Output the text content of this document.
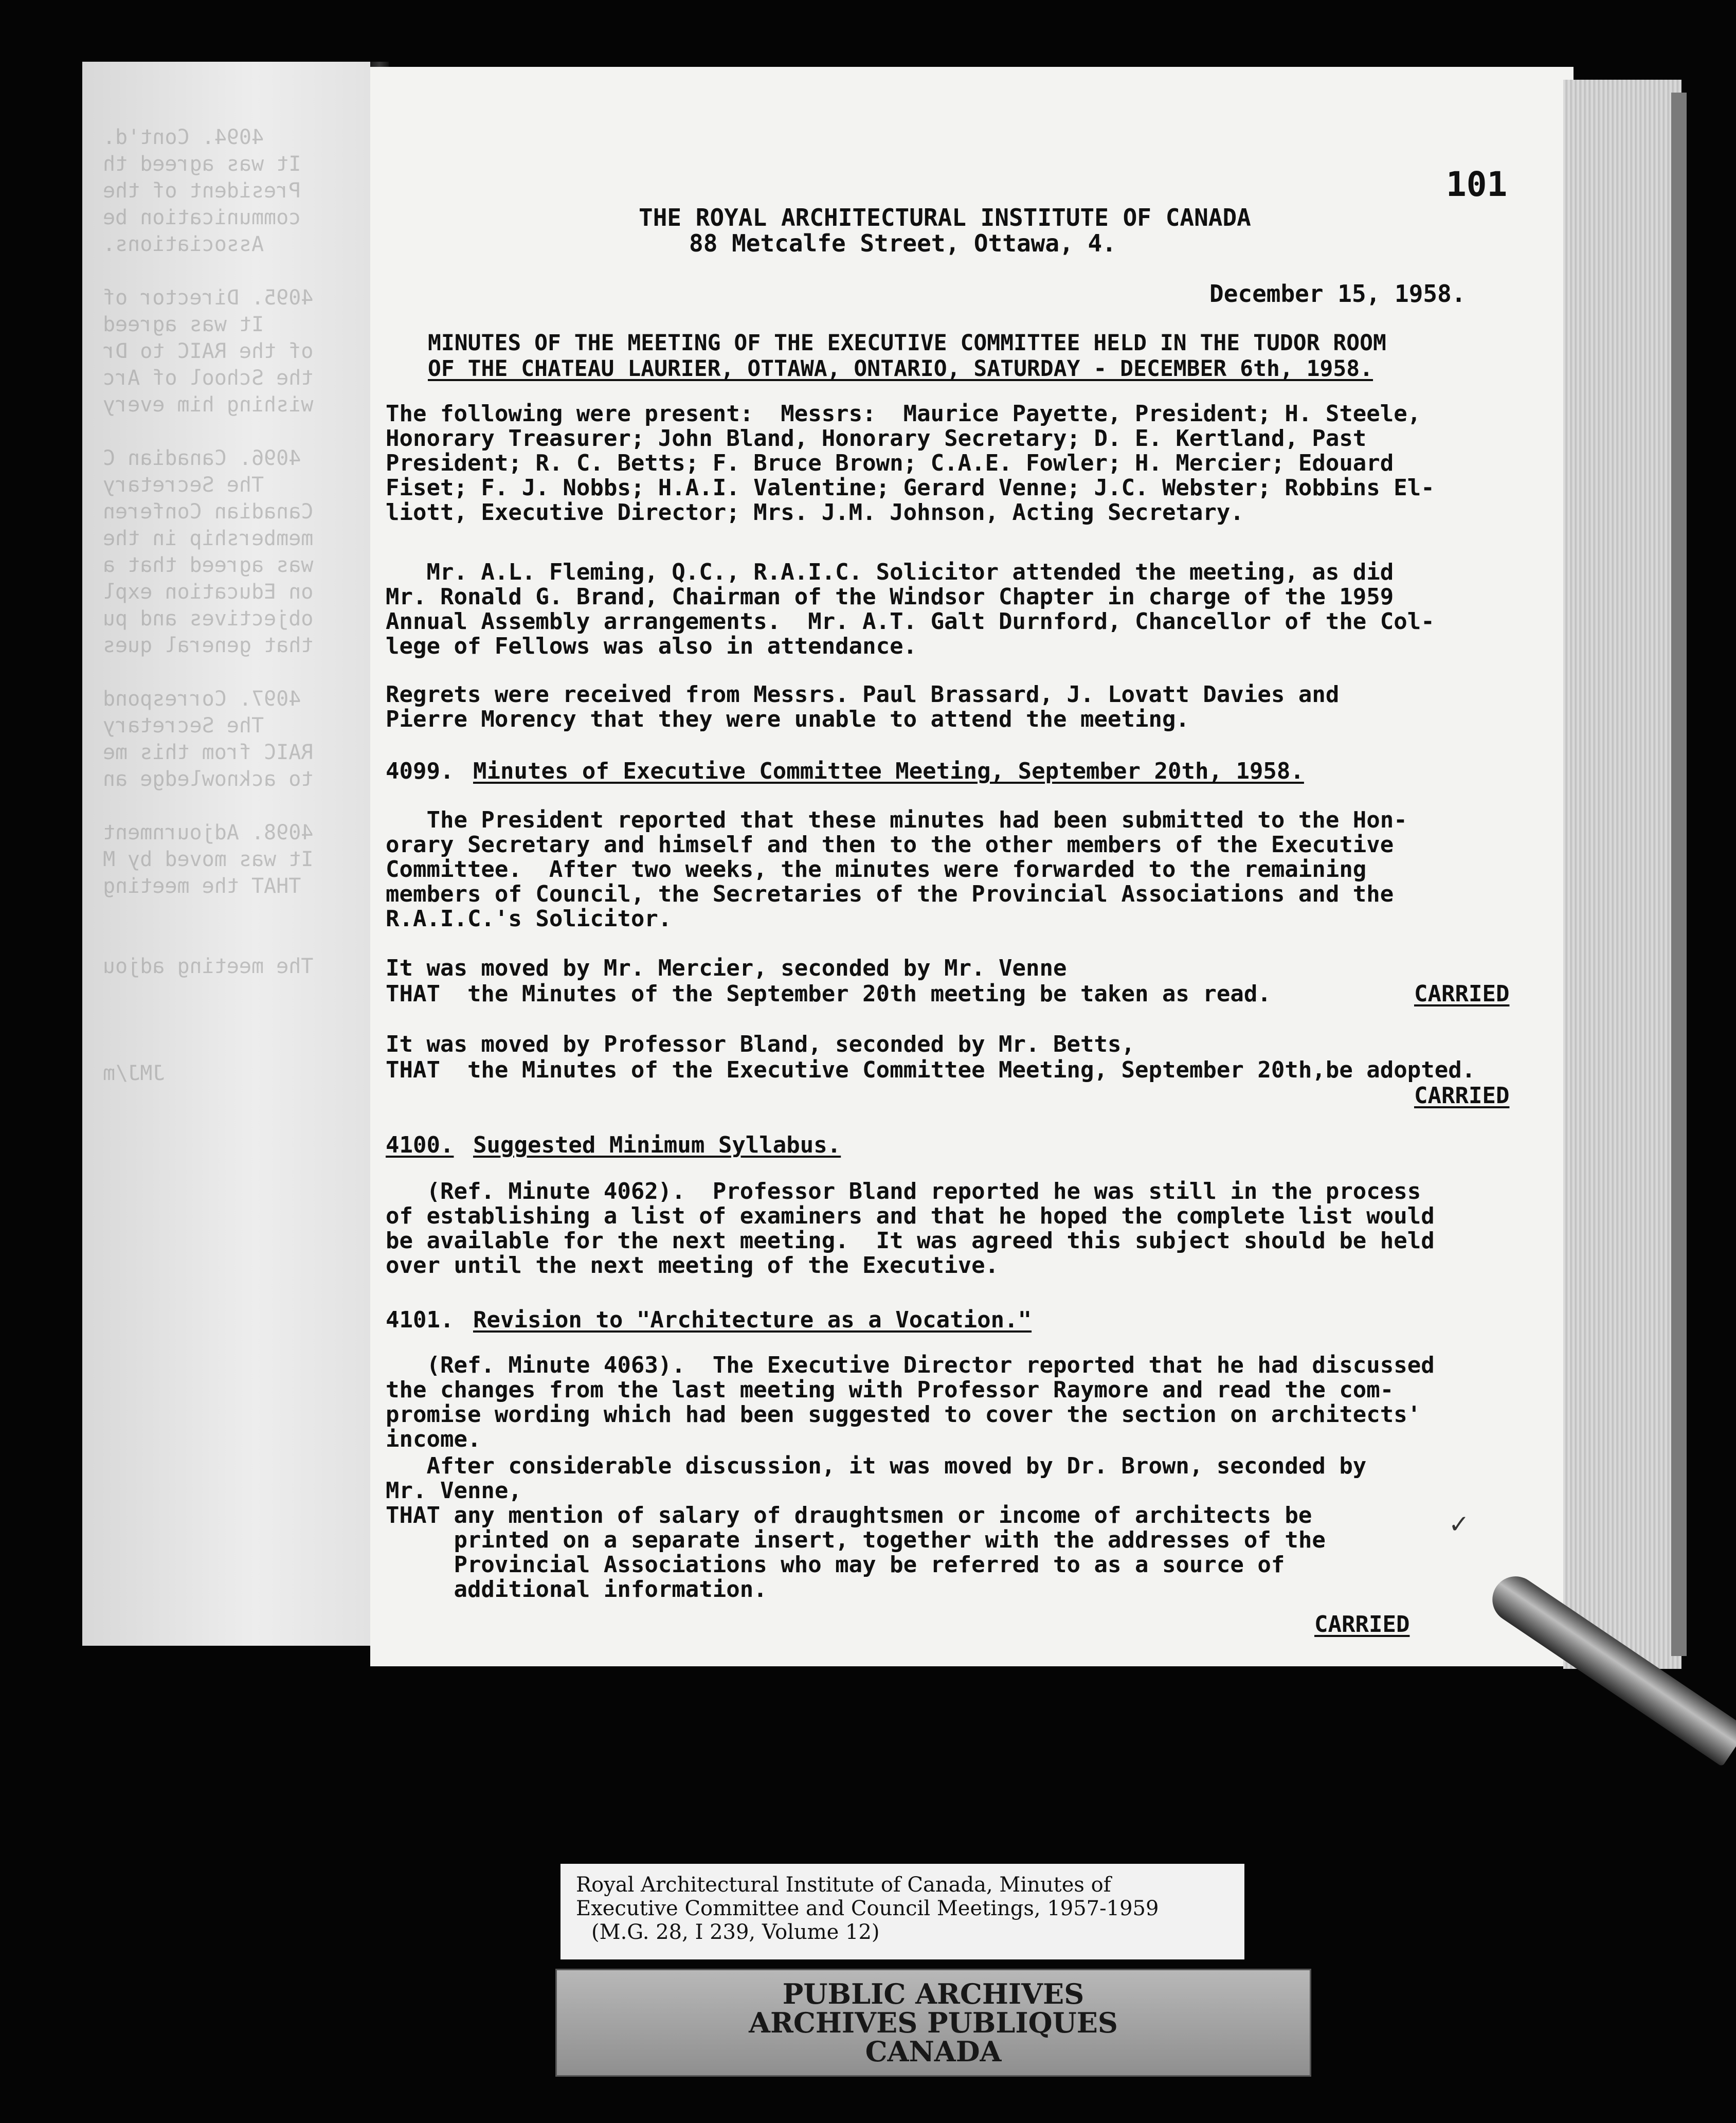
4094. Cont'd.
It was agreed th
President of the
communication be
Associations.
4095. Director of
It was agreed
of the RAIC to Dr
the School of Arc
wishing him every
4096. Canadian C
The Secretary
Canadian Conferen
membership in the
was agreed that a
on Education expl
objectives and pu
that general ques
4097. Correspond
The Secretary
RAIC from this me
to acknowledge an
4098. Adjournment
It was moved by M
THAT the meeting
The meeting adjou
JMJ/m
101
THE ROYAL ARCHITECTURAL INSTITUTE OF CANADA
88 Metcalfe Street, Ottawa, 4.
December 15, 1958.
MINUTES OF THE MEETING OF THE EXECUTIVE COMMITTEE HELD IN THE TUDOR ROOM
OF THE CHATEAU LAURIER, OTTAWA, ONTARIO, SATURDAY - DECEMBER 6th, 1958.
4099. Minutes of Executive Committee Meeting, September 20th, 1958.
It was moved by Mr. Mercier, seconded by Mr. Venne
THAT  the Minutes of the September 20th meeting be taken as read.	CARRIED
It was moved by Professor Bland, seconded by Mr. Betts,
THAT  the Minutes of the Executive Committee Meeting, September 20th,be adopted.
CARRIED
4100. Suggested Minimum Syllabus.
4101. Revision to "Architecture as a Vocation."
CARRIED
✓
The following were present:  Messrs:  Maurice Payette, President; H. Steele,
Honorary Treasurer; John Bland, Honorary Secretary; D. E. Kertland, Past
President; R. C. Betts; F. Bruce Brown; C.A.E. Fowler; H. Mercier; Edouard
Fiset; F. J. Nobbs; H.A.I. Valentine; Gerard Venne; J.C. Webster; Robbins El-
liott, Executive Director; Mrs. J.M. Johnson, Acting Secretary.
Mr. A.L. Fleming, Q.C., R.A.I.C. Solicitor attended the meeting, as did
Mr. Ronald G. Brand, Chairman of the Windsor Chapter in charge of the 1959
Annual Assembly arrangements.  Mr. A.T. Galt Durnford, Chancellor of the Col-
lege of Fellows was also in attendance.
Regrets were received from Messrs. Paul Brassard, J. Lovatt Davies and
Pierre Morency that they were unable to attend the meeting.
The President reported that these minutes had been submitted to the Hon-
orary Secretary and himself and then to the other members of the Executive
Committee.  After two weeks, the minutes were forwarded to the remaining
members of Council, the Secretaries of the Provincial Associations and the
R.A.I.C.'s Solicitor.
(Ref. Minute 4062).  Professor Bland reported he was still in the process
of establishing a list of examiners and that he hoped the complete list would
be available for the next meeting.  It was agreed this subject should be held
over until the next meeting of the Executive.
(Ref. Minute 4063).  The Executive Director reported that he had discussed
the changes from the last meeting with Professor Raymore and read the com-
promise wording which had been suggested to cover the section on architects'
income.
After considerable discussion, it was moved by Dr. Brown, seconded by
Mr. Venne,
THAT any mention of salary of draughtsmen or income of architects be
printed on a separate insert, together with the addresses of the
Provincial Associations who may be referred to as a source of
additional information.
Royal Architectural Institute of Canada, Minutes of
Executive Committee and Council Meetings, 1957-1959
(M.G. 28, I 239, Volume 12)
PUBLIC ARCHIVES
ARCHIVES PUBLIQUES
CANADA
